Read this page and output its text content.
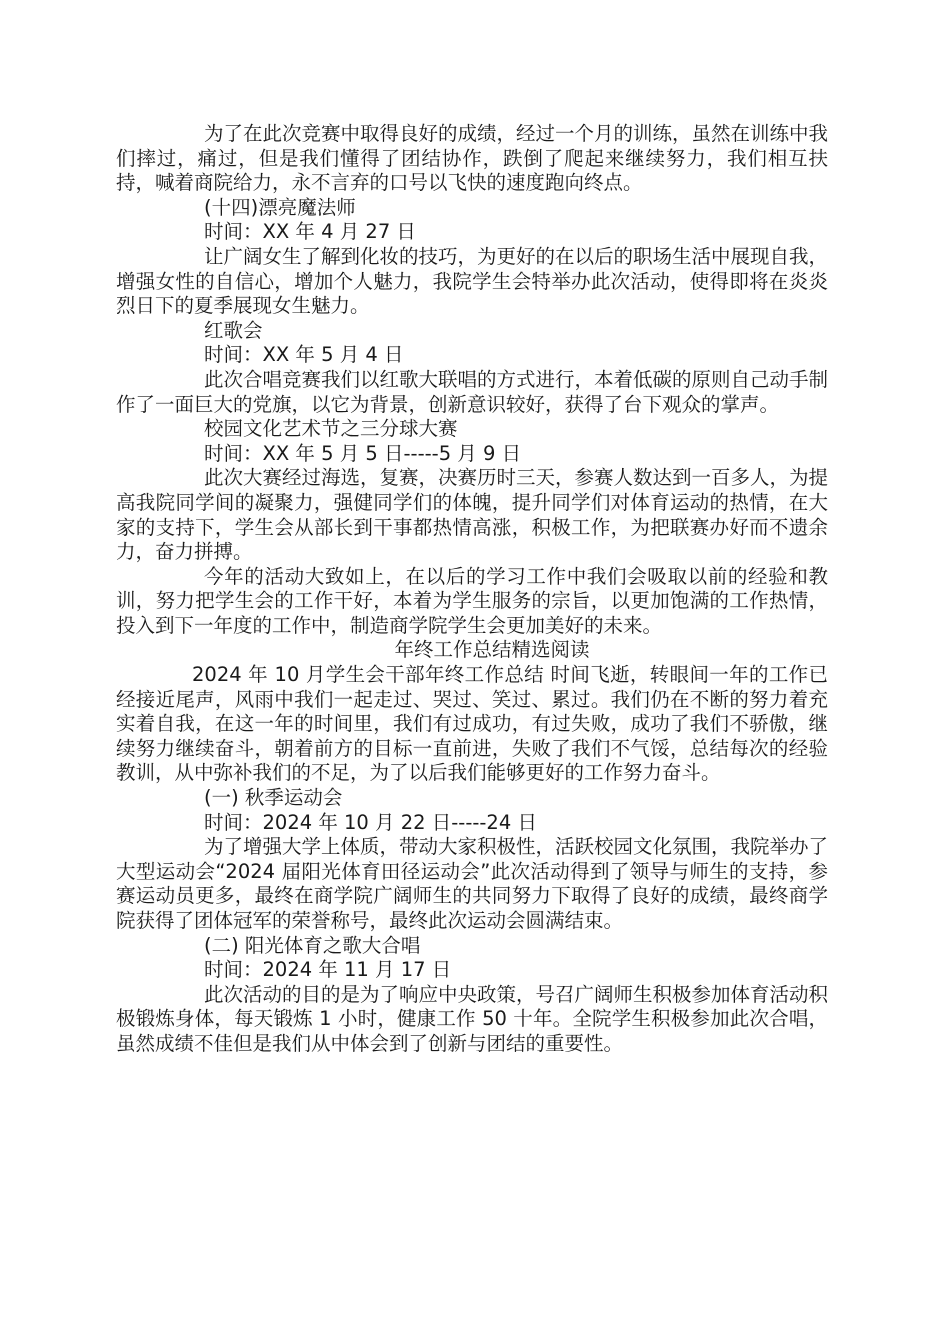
为了在此次竞赛中取得良好的成绩，经过一个月的训练，虽然在训练中我们摔过，痛过，但是我们懂得了团结协作，跌倒了爬起来继续努力，我们相互扶持，喊着商院给力，永不言弃的口号以飞快的速度跑向终点。

(十四)漂亮魔法师

时间：XX 年 4 月 27 日

让广阔女生了解到化妆的技巧，为更好的在以后的职场生活中展现自我，增强女性的自信心，增加个人魅力，我院学生会特举办此次活动，使得即将在炎炎烈日下的夏季展现女生魅力。

红歌会

时间：XX 年 5 月 4 日

此次合唱竞赛我们以红歌大联唱的方式进行，本着低碳的原则自己动手制作了一面巨大的党旗，以它为背景，创新意识较好，获得了台下观众的掌声。

校园文化艺术节之三分球大赛

时间：XX 年 5 月 5 日-----5 月 9 日

此次大赛经过海选，复赛，决赛历时三天，参赛人数达到一百多人，为提高我院同学间的凝聚力，强健同学们的体魄，提升同学们对体育运动的热情，在大家的支持下，学生会从部长到干事都热情高涨，积极工作，为把联赛办好而不遗余力，奋力拼搏。

今年的活动大致如上，在以后的学习工作中我们会吸取以前的经验和教训，努力把学生会的工作干好，本着为学生服务的宗旨，以更加饱满的工作热情，投入到下一年度的工作中，制造商学院学生会更加美好的未来。

年终工作总结精选阅读

2024 年 10 月学生会干部年终工作总结 时间飞逝，转眼间一年的工作已经接近尾声，风雨中我们一起走过、哭过、笑过、累过。我们仍在不断的努力着充实着自我，在这一年的时间里，我们有过成功，有过失败，成功了我们不骄傲，继续努力继续奋斗，朝着前方的目标一直前进，失败了我们不气馁，总结每次的经验教训，从中弥补我们的不足，为了以后我们能够更好的工作努力奋斗。

(一) 秋季运动会

时间：2024 年 10 月 22 日-----24 日

为了增强大学上体质，带动大家积极性，活跃校园文化氛围，我院举办了大型运动会“2024 届阳光体育田径运动会”此次活动得到了领导与师生的支持，参赛运动员更多，最终在商学院广阔师生的共同努力下取得了良好的成绩，最终商学院获得了团体冠军的荣誉称号，最终此次运动会圆满结束。

(二) 阳光体育之歌大合唱

时间：2024 年 11 月 17 日

此次活动的目的是为了响应中央政策，号召广阔师生积极参加体育活动积极锻炼身体，每天锻炼 1 小时，健康工作 50 十年。全院学生积极参加此次合唱，虽然成绩不佳但是我们从中体会到了创新与团结的重要性。
